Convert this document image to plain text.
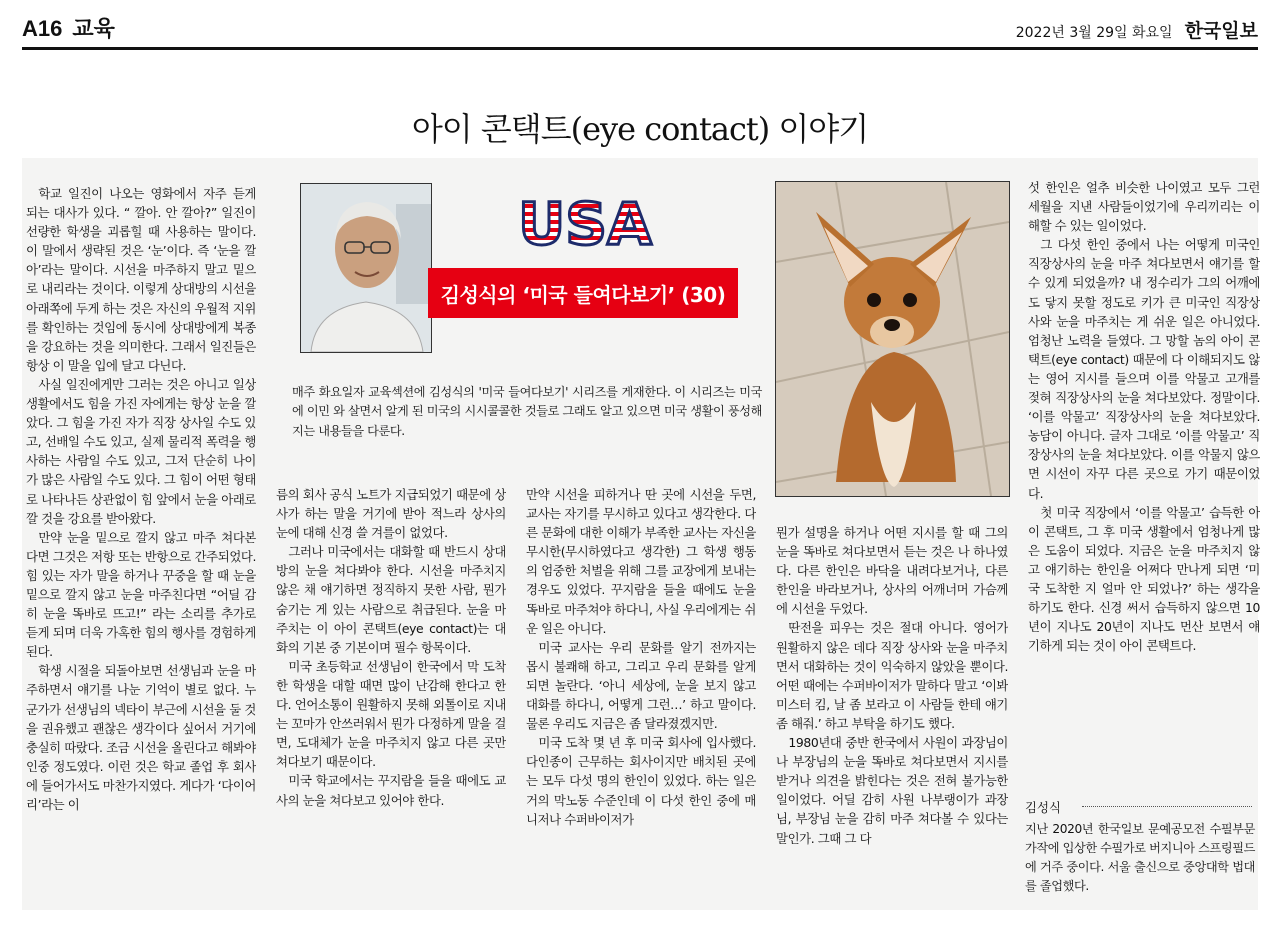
A16 교육	2022년 3월 29일 화요일 한국일보
아이 콘택트(eye contact) 이야기

학교 일진이 나오는 영화에서 자주 듣게 되는 대사가 있다. “ 깔아. 안 깔아?” 일진이 선량한 학생을 괴롭힐 때 사용하는 말이다. 이 말에서 생략된 것은 ‘눈’이다. 즉 ‘눈을 깔아’라는 말이다. 시선을 마주하지 말고 밑으로 내리라는 것이다. 이렇게 상대방의 시선을 아래쪽에 두게 하는 것은 자신의 우월적 지위를 확인하는 것임에 동시에 상대방에게 복종을 강요하는 것을 의미한다. 그래서 일진들은 항상 이 말을 입에 달고 다닌다.

사실 일진에게만 그러는 것은 아니고 일상생활에서도 힘을 가진 자에게는 항상 눈을 깔았다. 그 힘을 가진 자가 직장 상사일 수도 있고, 선배일 수도 있고, 실제 물리적 폭력을 행사하는 사람일 수도 있고, 그저 단순히 나이가 많은 사람일 수도 있다. 그 힘이 어떤 형태로 나타나든 상관없이 힘 앞에서 눈을 아래로 깔 것을 강요를 받아왔다.

만약 눈을 밑으로 깔지 않고 마주 쳐다본다면 그것은 저항 또는 반항으로 간주되었다. 힘 있는 자가 말을 하거나 꾸중을 할 때 눈을 밑으로 깔지 않고 눈을 마주친다면 “어딜 감히 눈을 똑바로 뜨고!” 라는 소리를 추가로 듣게 되며 더욱 가혹한 힘의 행사를 경험하게 된다.

학생 시절을 되돌아보면 선생님과 눈을 마주하면서 얘기를 나눈 기억이 별로 없다. 누군가가 선생님의 넥타이 부근에 시선을 둘 것을 권유했고 괜찮은 생각이다 싶어서 거기에 충실히 따랐다. 조금 시선을 올린다고 해봐야 인중 정도였다. 이런 것은 학교 졸업 후 회사에 들어가서도 마찬가지였다. 게다가 ‘다이어리’라는 이

USA
김성식의 ‘미국 들여다보기’ (30)
매주 화요일자 교육섹션에 김성식의 '미국 들여다보기' 시리즈를 게재한다. 이 시리즈는 미국에 이민 와 살면서 알게 된 미국의 시시콜콜한 것들로 그래도 알고 있으면 미국 생활이 풍성해지는 내용들을 다룬다.

름의 회사 공식 노트가 지급되었기 때문에 상사가 하는 말을 거기에 받아 적느라 상사의 눈에 대해 신경 쓸 겨를이 없었다.

그러나 미국에서는 대화할 때 반드시 상대방의 눈을 쳐다봐야 한다. 시선을 마주치지 않은 채 얘기하면 정직하지 못한 사람, 뭔가 숨기는 게 있는 사람으로 취급된다. 눈을 마주치는 이 아이 콘택트(eye contact)는 대화의 기본 중 기본이며 필수 항목이다.

미국 초등학교 선생님이 한국에서 막 도착한 학생을 대할 때면 많이 난감해 한다고 한다. 언어소통이 원활하지 못해 외톨이로 지내는 꼬마가 안쓰러워서 뭔가 다정하게 말을 걸면, 도대체가 눈을 마주치지 않고 다른 곳만 쳐다보기 때문이다.

미국 학교에서는 꾸지람을 들을 때에도 교사의 눈을 쳐다보고 있어야 한다.

만약 시선을 피하거나 딴 곳에 시선을 두면, 교사는 자기를 무시하고 있다고 생각한다. 다른 문화에 대한 이해가 부족한 교사는 자신을 무시한(무시하였다고 생각한) 그 학생 행동의 엄중한 처벌을 위해 그를 교장에게 보내는 경우도 있었다. 꾸지람을 들을 때에도 눈을 똑바로 마주쳐야 하다니, 사실 우리에게는 쉬운 일은 아니다.

미국 교사는 우리 문화를 알기 전까지는 몹시 불쾌해 하고, 그리고 우리 문화를 알게 되면 놀란다. ‘아니 세상에, 눈을 보지 않고 대화를 하다니, 어떻게 그런…’ 하고 말이다. 물론 우리도 지금은 좀 달라졌겠지만.

미국 도착 몇 년 후 미국 회사에 입사했다. 다인종이 근무하는 회사이지만 배치된 곳에는 모두 다섯 명의 한인이 있었다. 하는 일은 거의 막노동 수준인데 이 다섯 한인 중에 매니저나 수퍼바이저가

뭔가 설명을 하거나 어떤 지시를 할 때 그의 눈을 똑바로 쳐다보면서 듣는 것은 나 하나였다. 다른 한인은 바닥을 내려다보거나, 다른 한인을 바라보거나, 상사의 어깨너머 가슴께에 시선을 두었다.

딴전을 피우는 것은 절대 아니다. 영어가 원활하지 않은 데다 직장 상사와 눈을 마주치면서 대화하는 것이 익숙하지 않았을 뿐이다. 어떤 때에는 수퍼바이저가 말하다 말고 ‘이봐 미스터 킴, 날 좀 보라고 이 사람들 한테 얘기 좀 해줘.’ 하고 부탁을 하기도 했다.

1980년대 중반 한국에서 사원이 과장님이나 부장님의 눈을 똑바로 쳐다보면서 지시를 받거나 의견을 밝힌다는 것은 전혀 불가능한 일이었다. 어딜 감히 사원 나부랭이가 과장님, 부장님 눈을 감히 마주 쳐다볼 수 있다는 말인가. 그때 그 다

섯 한인은 얼추 비슷한 나이였고 모두 그런 세월을 지낸 사람들이었기에 우리끼리는 이해할 수 있는 일이었다.

그 다섯 한인 중에서 나는 어떻게 미국인 직장상사의 눈을 마주 쳐다보면서 얘기를 할 수 있게 되었을까? 내 정수리가 그의 어깨에도 닿지 못할 정도로 키가 큰 미국인 직장상사와 눈을 마주치는 게 쉬운 일은 아니었다. 엄청난 노력을 들였다. 그 망할 놈의 아이 콘택트(eye contact) 때문에 다 이해되지도 않는 영어 지시를 들으며 이를 악물고 고개를 젖혀 직장상사의 눈을 쳐다보았다. 정말이다. ‘이를 악물고’ 직장상사의 눈을 쳐다보았다. 농담이 아니다. 글자 그대로 ‘이를 악물고’ 직장상사의 눈을 쳐다보았다. 이를 악물지 않으면 시선이 자꾸 다른 곳으로 가기 때문이었다.

첫 미국 직장에서 ‘이를 악물고’ 습득한 아이 콘택트, 그 후 미국 생활에서 엄청나게 많은 도움이 되었다. 지금은 눈을 마주치지 않고 얘기하는 한인을 어쩌다 만나게 되면 ‘미국 도착한 지 얼마 안 되었나?’ 하는 생각을 하기도 한다. 신경 써서 습득하지 않으면 10년이 지나도 20년이 지나도 먼산 보면서 얘기하게 되는 것이 아이 콘택트다.

김성식
지난 2020년 한국일보 문예공모전 수필부문 가작에 입상한 수필가로 버지니아 스프링필드에 거주 중이다. 서울 출신으로 중앙대학 법대를 졸업했다.
